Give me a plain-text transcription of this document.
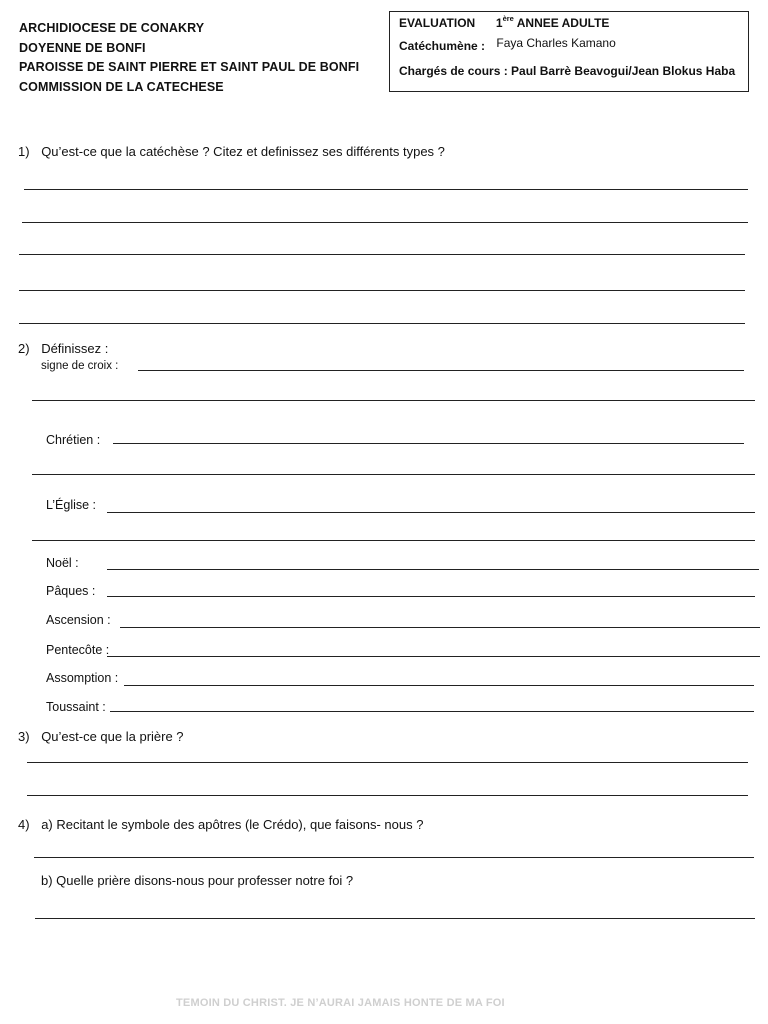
ARCHIDIOCESE DE CONAKRY
DOYENNE DE BONFI
PAROISSE DE SAINT PIERRE ET SAINT PAUL DE BONFI
COMMISSION DE LA CATECHESE
EVALUATION 1ère ANNEE ADULTE
Catéchumène : Faya Charles Kamano
Chargés de cours : Paul Barrè Beavogui/Jean Blokus Haba
1) Qu’est-ce que la catéchèse ? Citez et definissez ses différents types ?
2) Définissez :
signe de croix :
Chrétien :
L’Église :
Noël :
Pâques :
Ascension :
Pentecôte :
Assomption :
Toussaint :
3) Qu’est-ce que la prière ?
4) a) Recitant le symbole des apôtres (le Crédo), que faisons- nous ?
b) Quelle prière disons-nous pour professer notre foi ?
TEMOIN DU CHRIST. JE N’AURAI JAMAIS HONTE DE MA FOI
